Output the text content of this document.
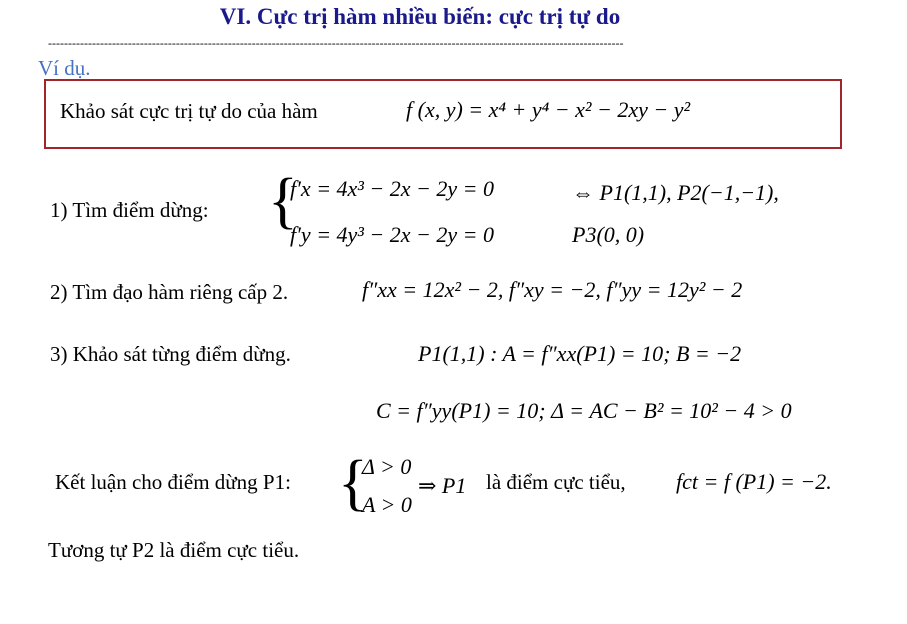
VI. Cực trị hàm nhiều biến: cực trị tự do
------------------------------------------------------------------------------------------------------------------------------------------------
Ví dụ.
Khảo sát cực trị tự do của hàm	f (x, y) = x⁴ + y⁴ − x² − 2xy − y²
1) Tìm điểm dừng: {
f′x = 4x³ − 2x − 2y = 0
f′y = 4y³ − 2x − 2y = 0
⇔ P1(1,1), P2(−1,−1),
P3(0, 0)
2) Tìm đạo hàm riêng cấp 2.	f″xx = 12x² − 2, f″xy = −2, f″yy = 12y² − 2
3) Khảo sát từng điểm dừng.	P1(1,1) : A = f″xx(P1) = 10; B = −2
C = f″yy(P1) = 10; Δ = AC − B² = 10² − 4 > 0
Kết luận cho điểm dừng P1: {
Δ > 0
A > 0
⇒ P1 là điểm cực tiểu, fct = f (P1) = −2.
Tương tự P2 là điểm cực tiểu.
